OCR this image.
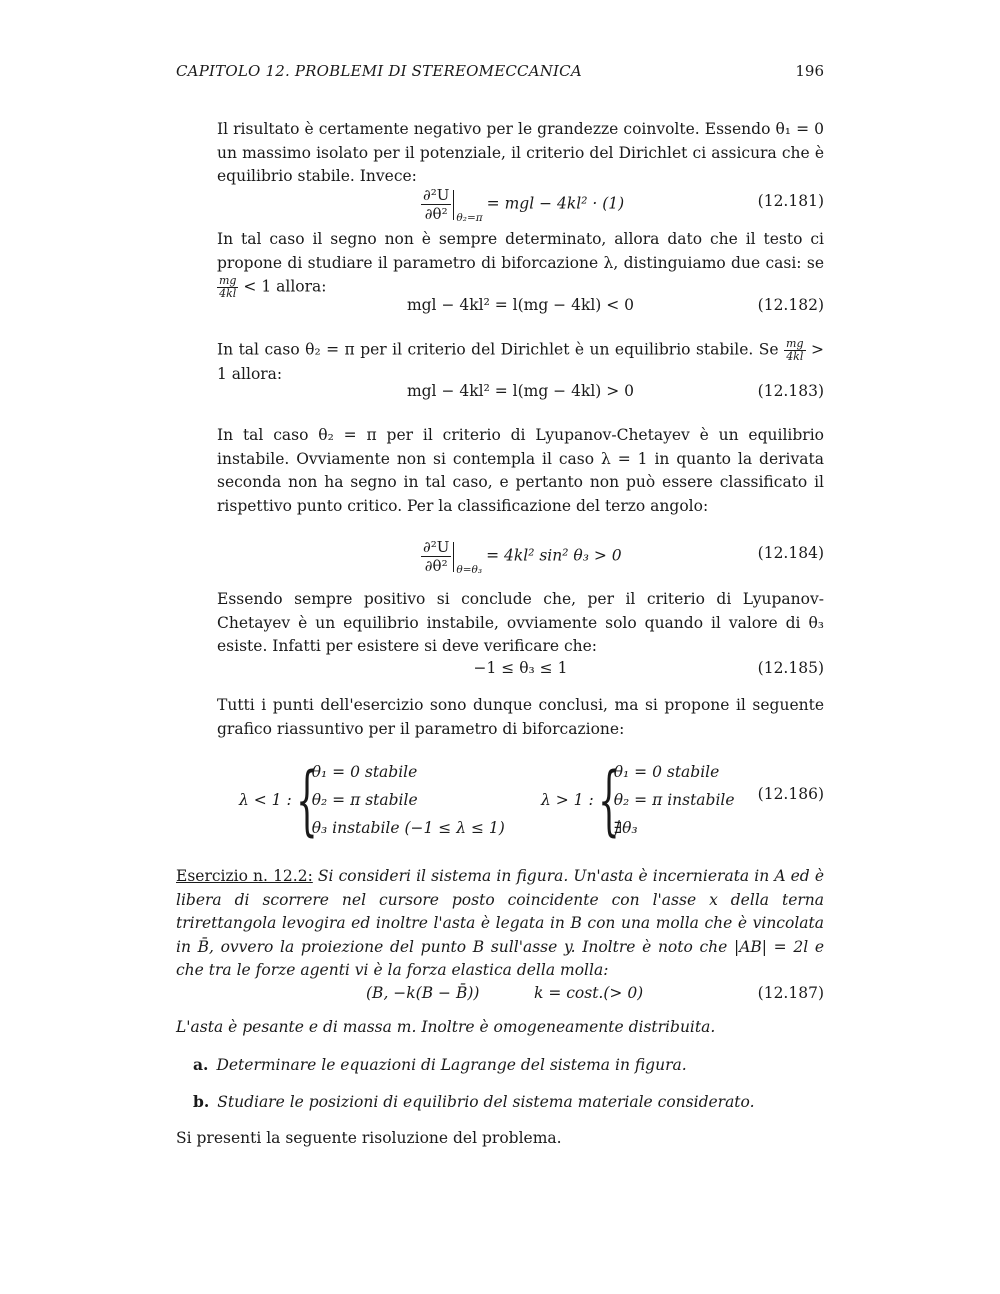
CAPITOLO 12. PROBLEMI DI STEREOMECCANICA	196

Il risultato è certamente negativo per le grandezze coinvolte. Essendo θ₁ = 0 un massimo isolato per il potenziale, il criterio del Dirichlet ci assicura che è equilibrio stabile. Invece:

$\frac{\text{∂²U}}{\text{∂θ²}} _{\theta_2=\pi}=$ mgl − 4kl² · (1)	(12.181)

In tal caso il segno non è sempre determinato, allora dato che il testo ci propone di studiare il parametro di biforcazione λ, distinguiamo due casi: se
$\frac{mg}{4kl} < 1$ allora:

mgl − 4kl² = l(mg − 4kl) < 0	(12.182)

In tal caso θ₂ = π per il criterio del Dirichlet è un equilibrio stabile. Se $\frac{mg}{4kl} > 1$ allora:

mgl − 4kl² = l(mg − 4kl) > 0	(12.183)

In tal caso θ₂ = π per il criterio di Lyupanov-Chetayev è un equilibrio instabile. Ovviamente non si contempla il caso λ = 1 in quanto la derivata seconda non ha segno in tal caso, e pertanto non può essere classificato il rispettivo punto critico. Per la classificazione del terzo angolo:

$\frac{\text{∂²U}}{\text{∂θ²}} _{\theta=\theta_3}= 4kl^2$ sin² θ₃ > 0	(12.184)

Essendo sempre positivo si conclude che, per il criterio di Lyupanov-Chetayev è un equilibrio instabile, ovviamente solo quando il valore di θ₃ esiste. Infatti per esistere si deve verificare che:

−1 ≤ θ₃ ≤ 1	(12.185)

Tutti i punti dell'esercizio sono dunque conclusi, ma si propone il seguente grafico riassuntivo per il parametro di biforcazione:

λ < 1 : {
θ₁ = 0 stabile
θ₂ = π stabile
θ₃ instabile (−1 ≤ λ ≤ 1)
λ > 1 : {
θ₁ = 0 stabile
θ₂ = π instabile
∄θ₃
(12.186)

Esercizio n. 12.2: Si consideri il sistema in figura. Un'asta è incernierata in A ed è libera di scorrere nel cursore posto coincidente con l'asse x della terna trirettangola levogira ed inoltre l'asta è legata in B con una molla che è vincolata in B̄, ovvero la proiezione del punto B sull'asse y. Inoltre è noto che |AB| = 2l e che tra le forze agenti vi è la forza elastica della molla:

(B, −k(B − B̄))	k = cost.(> 0)	(12.187)

L'asta è pesante e di massa m. Inoltre è omogeneamente distribuita.

a. Determinare le equazioni di Lagrange del sistema in figura.
b. Studiare le posizioni di equilibrio del sistema materiale considerato.

Si presenti la seguente risoluzione del problema.
